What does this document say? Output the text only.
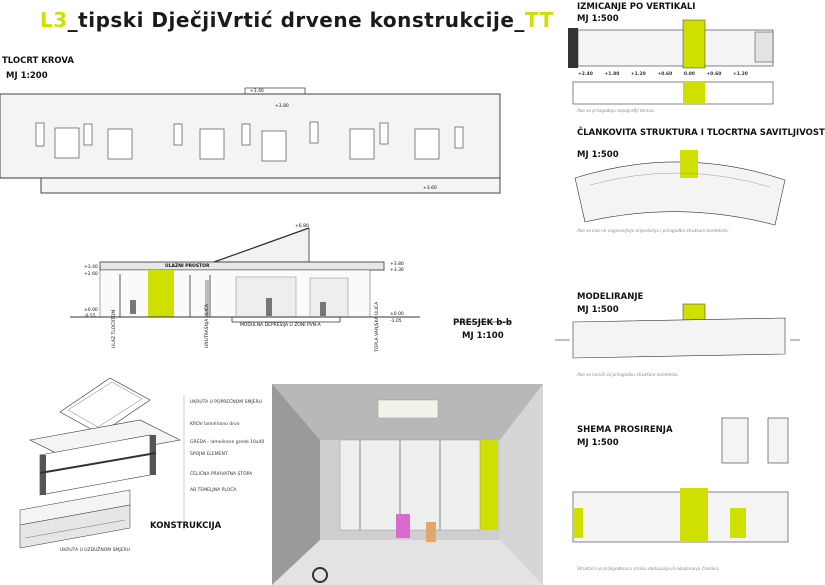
L3_tipski DječjiVrtić drvene konstrukcije_TT
TLOCRT KROVA
MJ 1:200
+3.40
+3.80
+3.60
+6.80
+3.40
+2.60
+3.80
+3.30
±0.00
-0.55	±0.00
-1.05
ULAZNI PROSTOR
MODULNA DEPRESIJA U ZONI PVN-A
ULAZ TLOCRTOM	UNUTRAŠNJA ULICA	TOPLA VANJSKA ULICA	PRESJEK b-b
MJ 1:100
UKRUTA U POPREČNOM SMJERU
KROV lamelirano drvo
GREDA - lamelirane grede 10x40
SPOJNI ELEMENT
ČELIČNA PRIHVATNA STOPA
AB TEMELJNA PLOČA
UKRUTA U UZDUŽNOM SMJERU
KONSTRUKCIJA
IZMICANJE PO VERTIKALI
MJ 1:500
+2.40	+1.80	+1.20	+0.60	0.00	+0.60	+1.20
Ako se prilagođuju topografiji terena.
ČLANKOVITA STRUKTURA I TLOCRTNA SAVITLJIVOST
MJ 1:500
Ako se kao ne najpovoljnija orijentacija i prilagodba strukture kontekstu.
MODELIRANJE
MJ 1:500
Ako se koristi za prilagodbu strukture kontekstu.
SHEMA PROSIRENJA
MJ 1:500
Struktura je prilagođena u smislu dodavanja ili oduzimanja članaka.
